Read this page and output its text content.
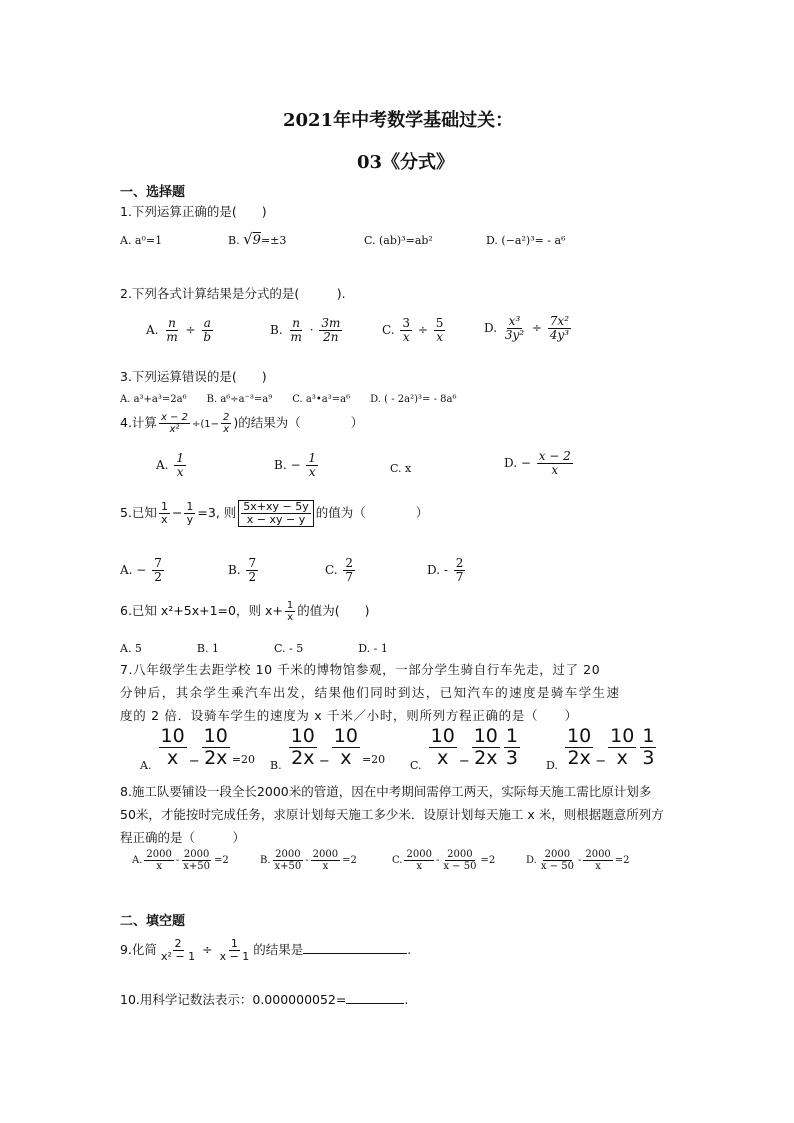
2021年中考数学基础过关：
03《分式》
一、选择题
1.下列运算正确的是(　　)
A. a⁰=1	B. √9=±3	C. (ab)³=ab²	D. (−a²)³= - a⁶
2.下列各式计算结果是分式的是(　　　).
A. $\frac{n}{m} \div \frac{a}{b}$	B. $\frac{n}{m} \cdot \frac{3m}{2n}$	C. $\frac{3}{x} \div \frac{5}{x}$	D. $\frac{\text{x³}}{\text{3y²}} \div \frac{\text{7x²}}{\text{4y³}}$
3.下列运算错误的是(　　)
A. a³+a³=2a⁶　　B. a⁶÷a⁻³=a⁹　　C. a³•a³=a⁶　　D. ( - 2a²)³= - 8a⁶
4.计算 $\frac{x - 2}{\text{x²}} \div(1- \frac{2}{x}$ )的结果为（　　　　）
A. $\frac{1}{x}$	B. − $\frac{1}{x}$	C. x	D. − $\frac{x - 2}{x}$
5.已知 $\frac{1}{x} - \frac{1}{y} =3$, 则 $\frac{5x+xy - 5y}{x - xy - y}$ 的值为（　　　　）
A. − $\frac{7}{2}$	B. $\frac{7}{2}$	C. $\frac{2}{7}$	D. - $\frac{2}{7}$
6.已知 x²+5x+1=0，则 $x+ \frac{1}{x}$ 的值为(　　)
A. 5　　　　　B. 1　　　　　C. - 5　　　　　D. - 1
7.八年级学生去距学校 10 千米的博物馆参观，一部分学生骑自行车先走，过了 20
分钟后，其余学生乘汽车出发，结果他们同时到达，已知汽车的速度是骑车学生速
度的 2 倍．设骑车学生的速度为 x 千米／小时，则所列方程正确的是（　　）
$_{A.} \frac{10}{x} _- \frac{10}{2x} _{=20}$ $_{B.} \frac{10}{2x} _- \frac{10}{x} _{=20}$ $_{C.} \frac{10}{x} _- \frac{10}{2x} \frac{1}{3} _{D.} \frac{10}{2x} _- \frac{10}{x} \frac{1}{3}$
8.施工队要铺设一段全长2000米的管道，因在中考期间需停工两天，实际每天施工需比原计划多
50米，才能按时完成任务，求原计划每天施工多少米．设原计划每天施工 x 米，则根据题意所列方
程正确的是（　　　）
A. $\frac{2000}{x} - \frac{2000}{x+50} =2$	B. $\frac{2000}{x+50} - \frac{2000}{x} =2$	C. $\frac{2000}{x} - \frac{2000}{x - 50} =2$	D. $\frac{2000}{x - 50} - \frac{2000}{x} =2$
二、填空题
9.化简 $\frac{2}{\text{x² − 1}} \div \frac{1}{x - 1}$ 的结果是	.
10.用科学记数法表示：0.000000052=	.
